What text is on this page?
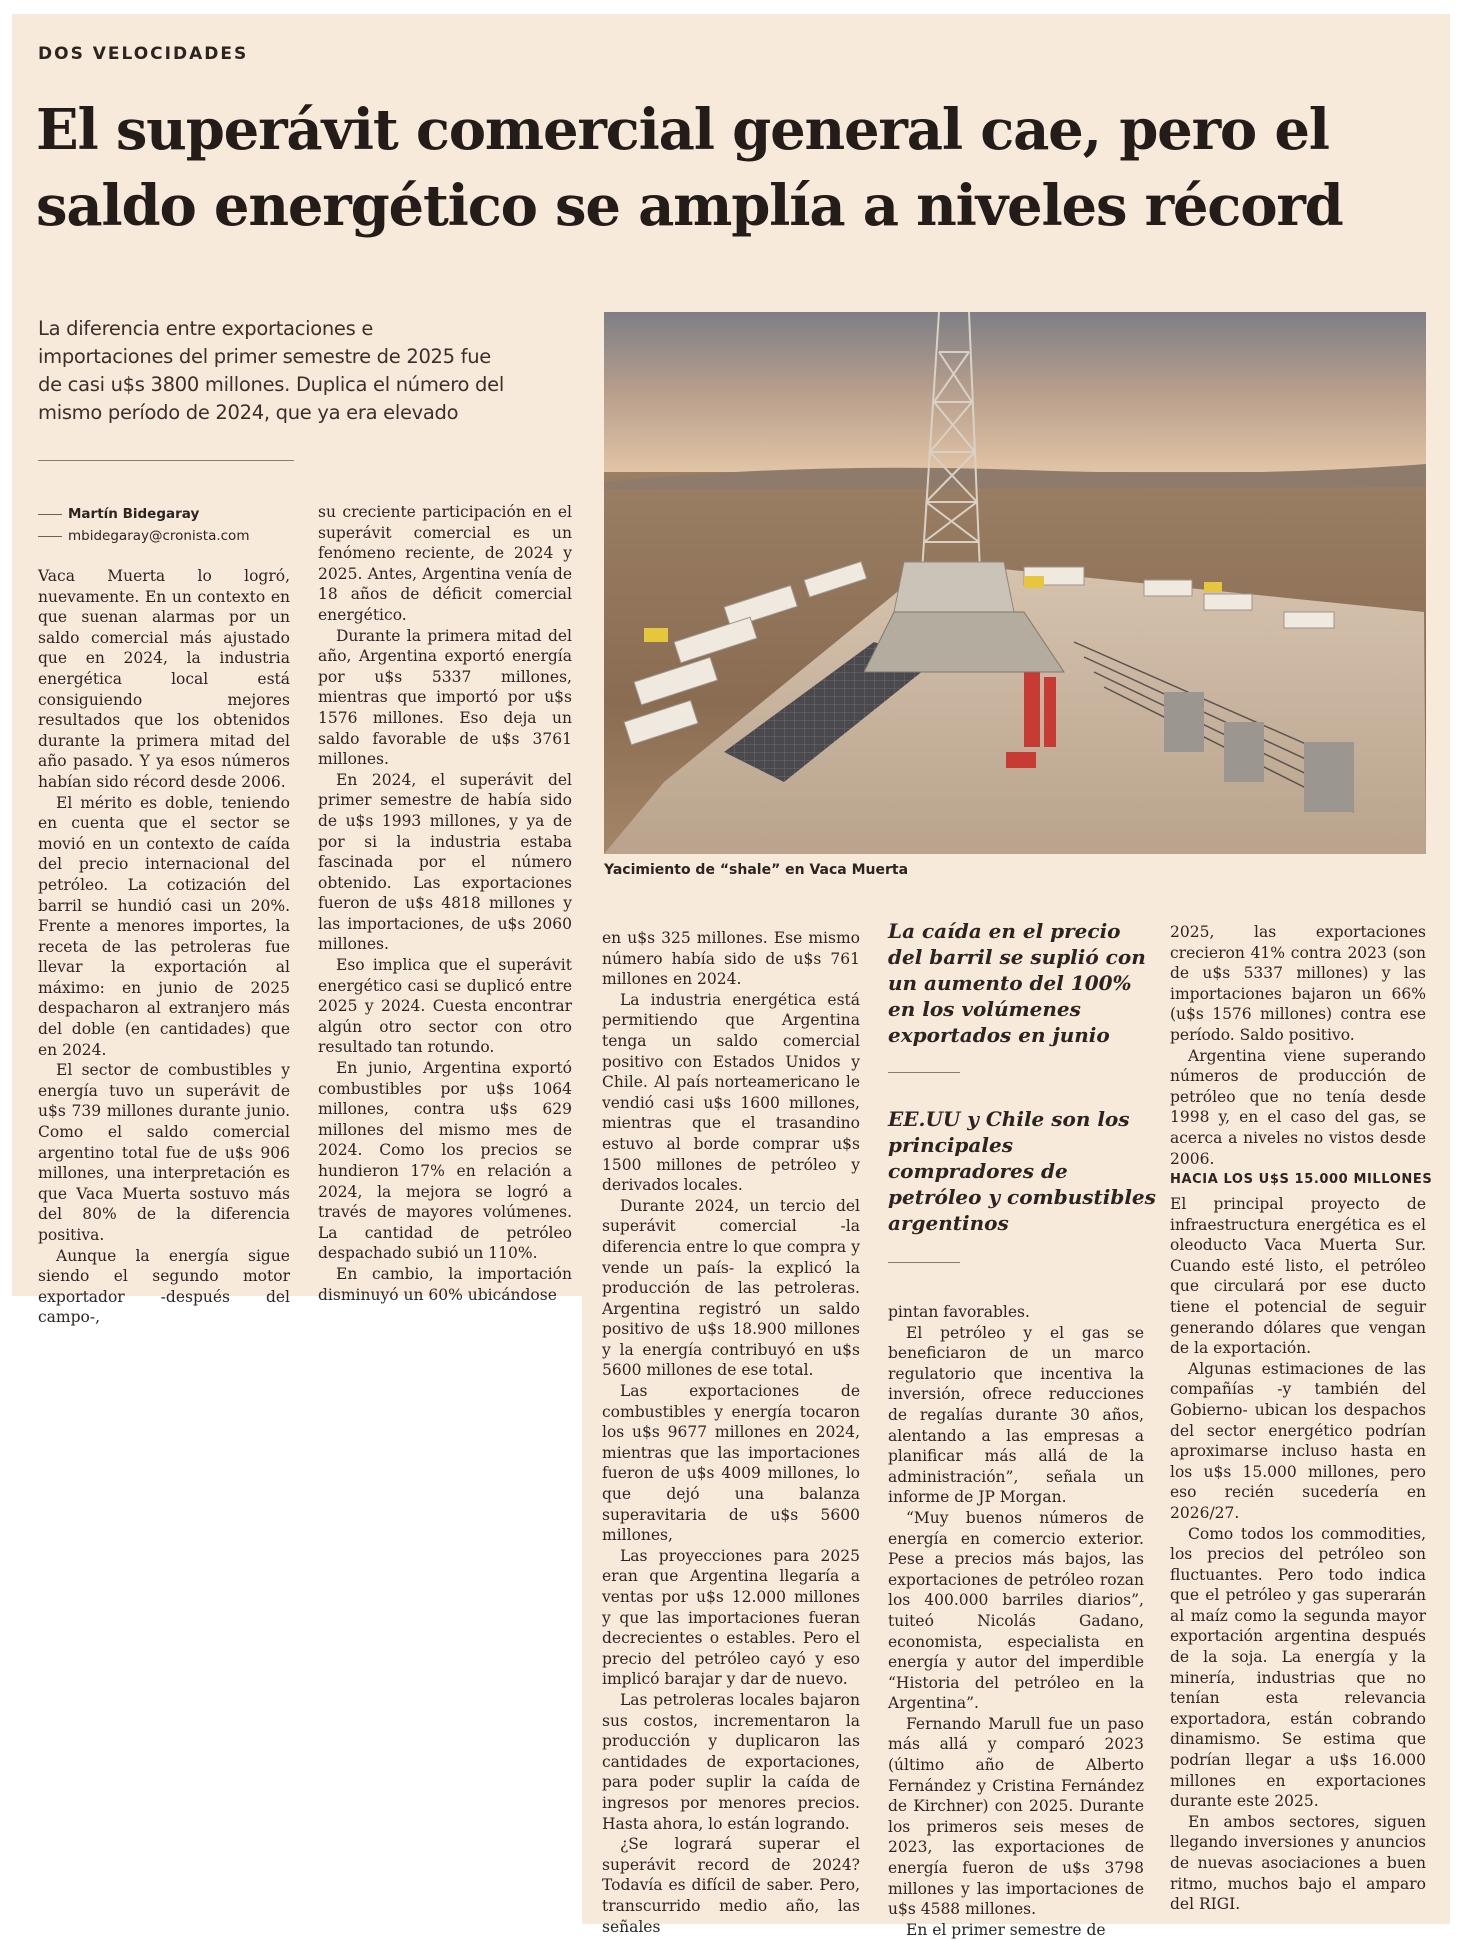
DOS VELOCIDADES
El superávit comercial general cae, pero el
saldo energético se amplía a niveles récord
La diferencia entre exportaciones e
importaciones del primer semestre de 2025 fue
de casi u$s 3800 millones. Duplica el número del
mismo período de 2024, que ya era elevado
Martín Bidegaray
mbidegaray@cronista.com

Vaca Muerta lo logró, nuevamente. En un contexto en que suenan alarmas por un saldo comercial más ajustado que en 2024, la industria energética local está consiguiendo mejores resultados que los obtenidos durante la primera mitad del año pasado. Y ya esos números habían sido récord desde 2006.

El mérito es doble, teniendo en cuenta que el sector se movió en un contexto de caída del precio internacional del petróleo. La cotización del barril se hundió casi un 20%. Frente a menores importes, la receta de las petroleras fue llevar la exportación al máximo: en junio de 2025 despacharon al extranjero más del doble (en cantidades) que en 2024.

El sector de combustibles y energía tuvo un superávit de u$s 739 millones durante junio. Como el saldo comercial argentino total fue de u$s 906 millones, una interpretación es que Vaca Muerta sostuvo más del 80% de la diferencia positiva.

Aunque la energía sigue siendo el segundo motor exportador -después del campo-,

su creciente participación en el superávit comercial es un fenómeno reciente, de 2024 y 2025. Antes, Argentina venía de 18 años de déficit comercial energético.

Durante la primera mitad del año, Argentina exportó energía por u$s 5337 millones, mientras que importó por u$s 1576 millones. Eso deja un saldo favorable de u$s 3761 millones.

En 2024, el superávit del primer semestre de había sido de u$s 1993 millones, y ya de por si la industria estaba fascinada por el número obtenido. Las exportaciones fueron de u$s 4818 millones y las importaciones, de u$s 2060 millones.

Eso implica que el superávit energético casi se duplicó entre 2025 y 2024. Cuesta encontrar algún otro sector con otro resultado tan rotundo.

En junio, Argentina exportó combustibles por u$s 1064 millones, contra u$s 629 millones del mismo mes de 2024. Como los precios se hundieron 17% en relación a 2024, la mejora se logró a través de mayores volúmenes. La cantidad de petróleo despachado subió un 110%.

En cambio, la importación disminuyó un 60% ubicándose

Yacimiento de “shale” en Vaca Muerta

en u$s 325 millones. Ese mismo número había sido de u$s 761 millones en 2024.

La industria energética está permitiendo que Argentina tenga un saldo comercial positivo con Estados Unidos y Chile. Al país norteamericano le vendió casi u$s 1600 millones, mientras que el trasandino estuvo al borde comprar u$s 1500 millones de petróleo y derivados locales.

Durante 2024, un tercio del superávit comercial -la diferencia entre lo que compra y vende un país- la explicó la producción de las petroleras. Argentina registró un saldo positivo de u$s 18.900 millones y la energía contribuyó en u$s 5600 millones de ese total.

Las exportaciones de combustibles y energía tocaron los u$s 9677 millones en 2024, mientras que las importaciones fueron de u$s 4009 millones, lo que dejó una balanza superavitaria de u$s 5600 millones,

Las proyecciones para 2025 eran que Argentina llegaría a ventas por u$s 12.000 millones y que las importaciones fueran decrecientes o estables. Pero el precio del petróleo cayó y eso implicó barajar y dar de nuevo.

Las petroleras locales bajaron sus costos, incrementaron la producción y duplicaron las cantidades de exportaciones, para poder suplir la caída de ingresos por menores precios. Hasta ahora, lo están logrando.

¿Se logrará superar el superávit record de 2024? Todavía es difícil de saber. Pero, transcurrido medio año, las señales

La caída en el precio del barril se suplió con un aumento del 100% en los volúmenes exportados en junio
EE.UU y Chile son los principales compradores de petróleo y combustibles argentinos

pintan favorables.

El petróleo y el gas se beneficiaron de un marco regulatorio que incentiva la inversión, ofrece reducciones de regalías durante 30 años, alentando a las empresas a planificar más allá de la administración”, señala un informe de JP Morgan.

“Muy buenos números de energía en comercio exterior. Pese a precios más bajos, las exportaciones de petróleo rozan los 400.000 barriles diarios”, tuiteó Nicolás Gadano, economista, especialista en energía y autor del imperdible “Historia del petróleo en la Argentina”.

Fernando Marull fue un paso más allá y comparó 2023 (último año de Alberto Fernández y Cristina Fernández de Kirchner) con 2025. Durante los primeros seis meses de 2023, las exportaciones de energía fueron de u$s 3798 millones y las importaciones de u$s 4588 millones.

En el primer semestre de

2025, las exportaciones crecieron 41% contra 2023 (son de u$s 5337 millones) y las importaciones bajaron un 66% (u$s 1576 millones) contra ese período. Saldo positivo.

Argentina viene superando números de producción de petróleo que no tenía desde 1998 y, en el caso del gas, se acerca a niveles no vistos desde 2006.

HACIA LOS U$S 15.000 MILLONES

El principal proyecto de infraestructura energética es el oleoducto Vaca Muerta Sur. Cuando esté listo, el petróleo que circulará por ese ducto tiene el potencial de seguir generando dólares que vengan de la exportación.

Algunas estimaciones de las compañías -y también del Gobierno- ubican los despachos del sector energético podrían aproximarse incluso hasta en los u$s 15.000 millones, pero eso recién sucedería en 2026/27.

Como todos los commodities, los precios del petróleo son fluctuantes. Pero todo indica que el petróleo y gas superarán al maíz como la segunda mayor exportación argentina después de la soja. La energía y la minería, industrias que no tenían esta relevancia exportadora, están cobrando dinamismo. Se estima que podrían llegar a u$s 16.000 millones en exportaciones durante este 2025.

En ambos sectores, siguen llegando inversiones y anuncios de nuevas asociaciones a buen ritmo, muchos bajo el amparo del RIGI.
